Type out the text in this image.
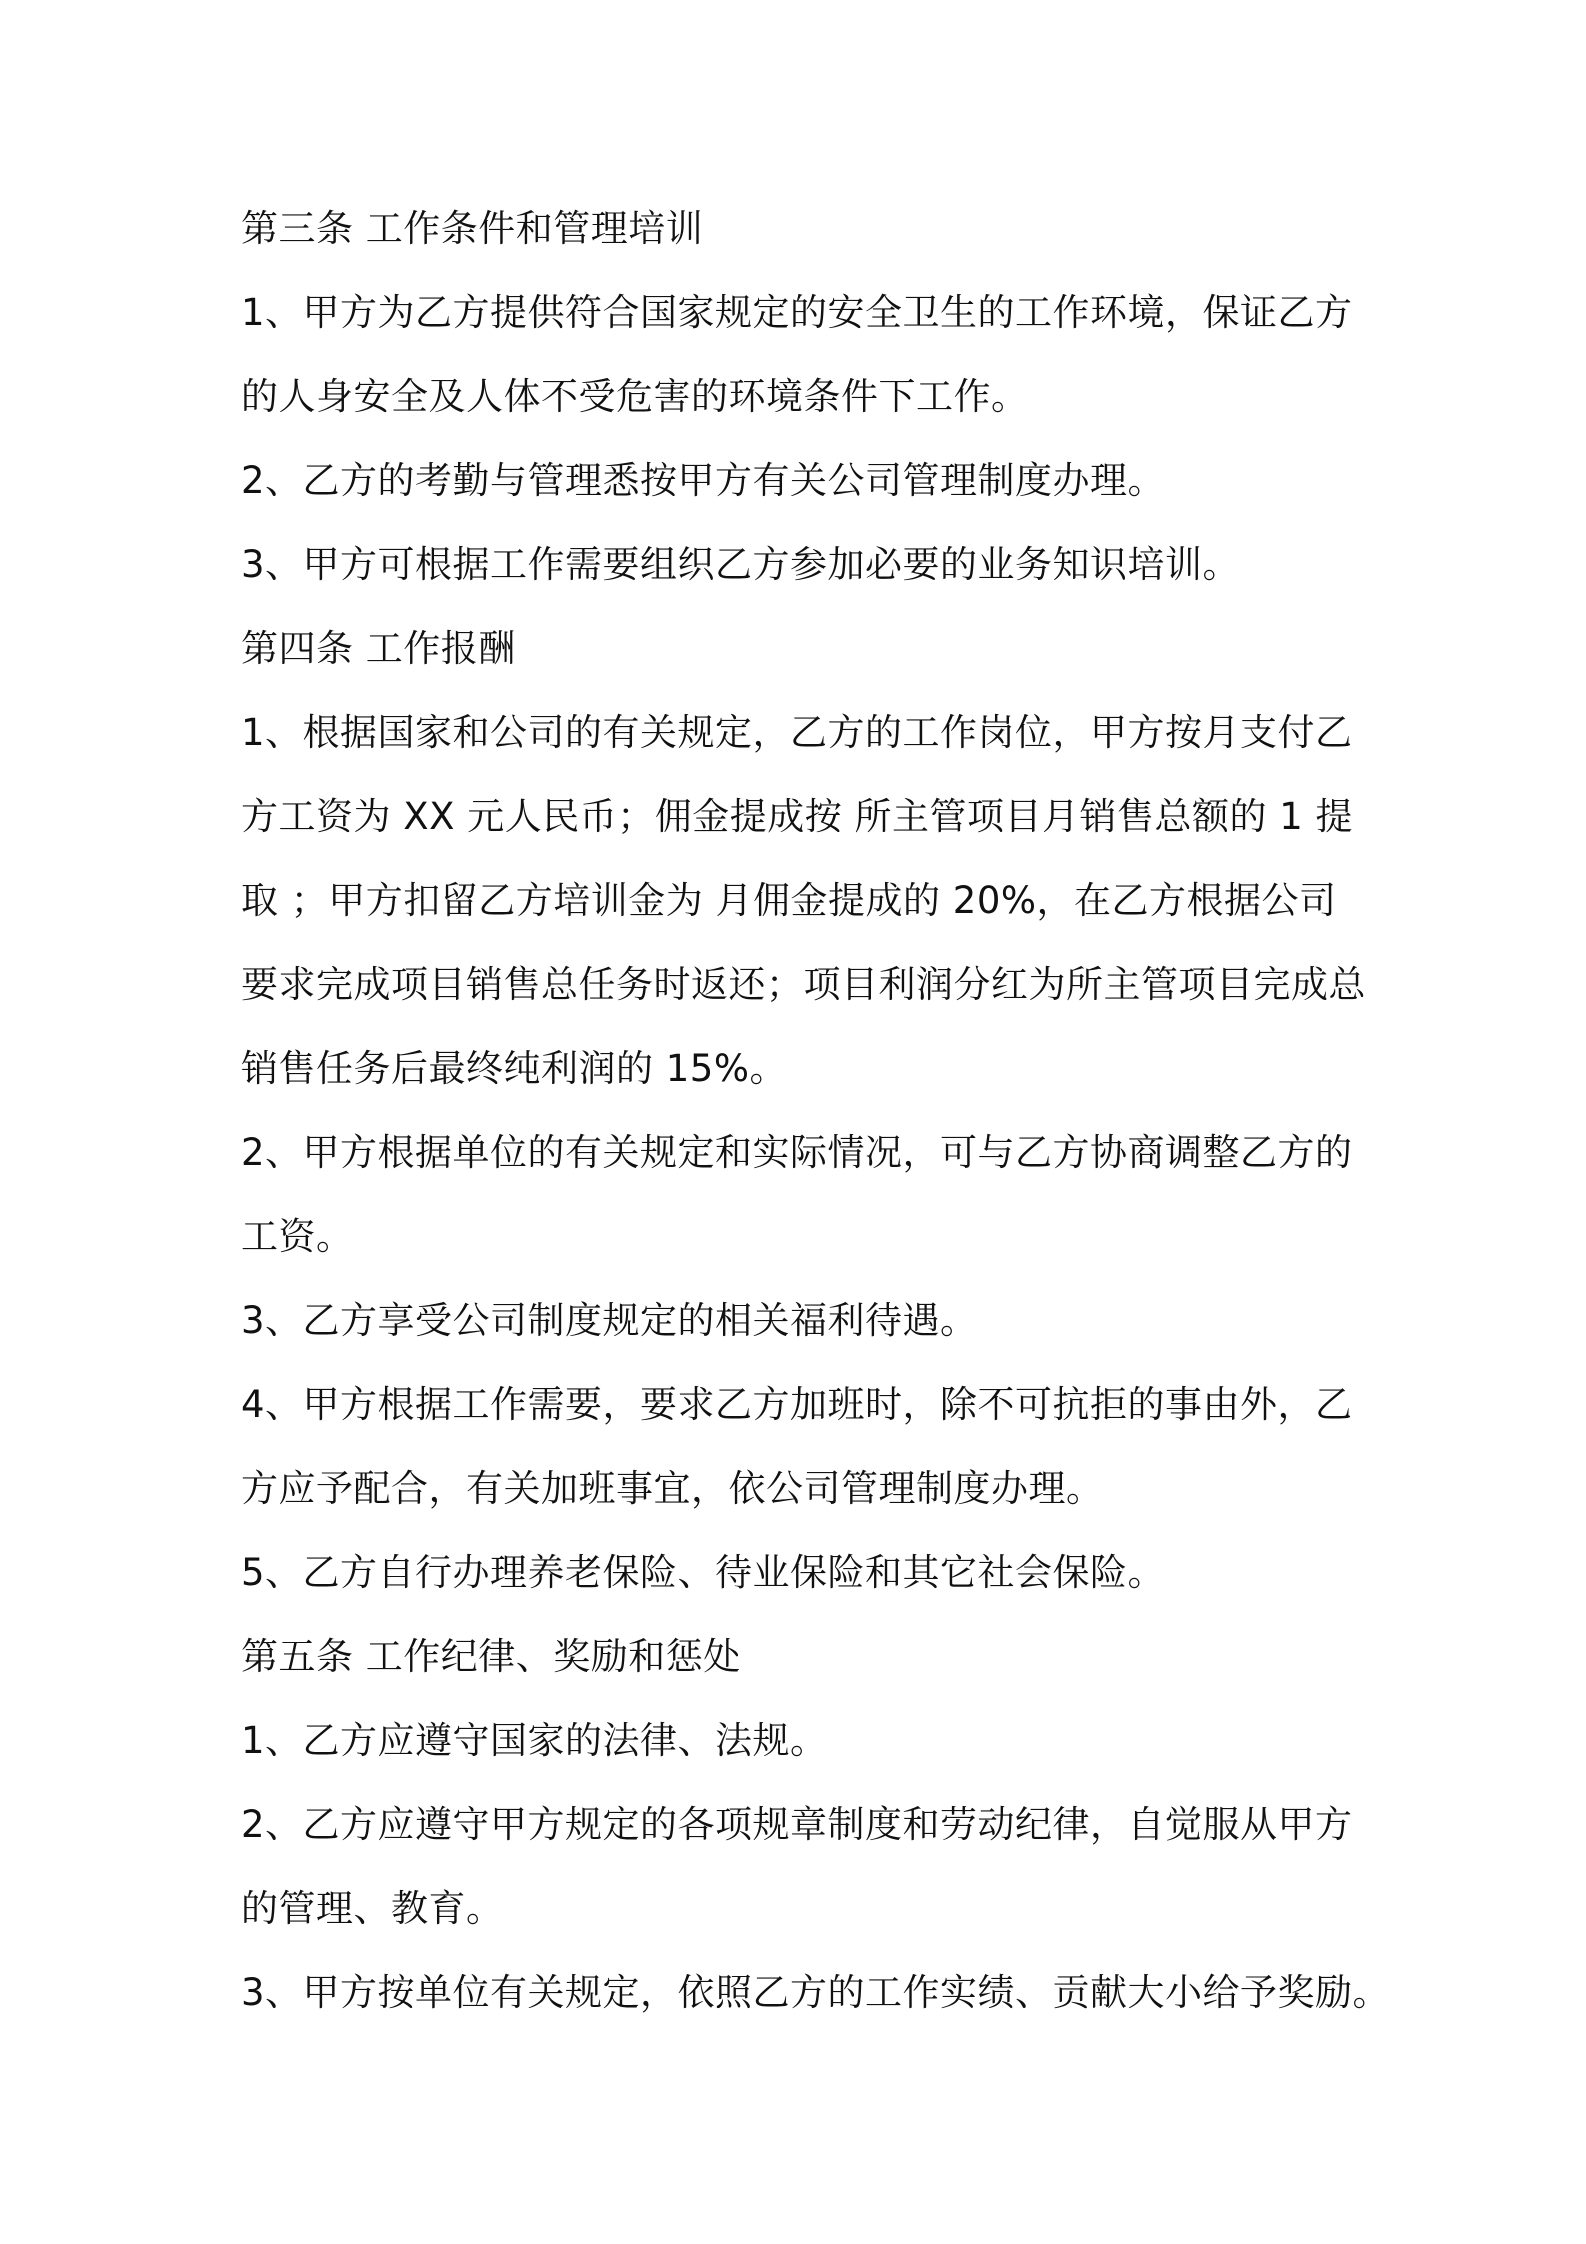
第三条 工作条件和管理培训
1、甲方为乙方提供符合国家规定的安全卫生的工作环境，保证乙方
的人身安全及人体不受危害的环境条件下工作。
2、乙方的考勤与管理悉按甲方有关公司管理制度办理。
3、甲方可根据工作需要组织乙方参加必要的业务知识培训。
第四条 工作报酬
1、根据国家和公司的有关规定，乙方的工作岗位，甲方按月支付乙
方工资为 XX 元人民币；佣金提成按 所主管项目月销售总额的 1 提
取 ；甲方扣留乙方培训金为 月佣金提成的 20%，在乙方根据公司
要求完成项目销售总任务时返还；项目利润分红为所主管项目完成总
销售任务后最终纯利润的 15%。
2、甲方根据单位的有关规定和实际情况，可与乙方协商调整乙方的
工资。
3、乙方享受公司制度规定的相关福利待遇。
4、甲方根据工作需要，要求乙方加班时，除不可抗拒的事由外，乙
方应予配合，有关加班事宜，依公司管理制度办理。
5、乙方自行办理养老保险、待业保险和其它社会保险。
第五条 工作纪律、奖励和惩处
1、乙方应遵守国家的法律、法规。
2、乙方应遵守甲方规定的各项规章制度和劳动纪律，自觉服从甲方
的管理、教育。
3、甲方按单位有关规定，依照乙方的工作实绩、贡献大小给予奖励。
